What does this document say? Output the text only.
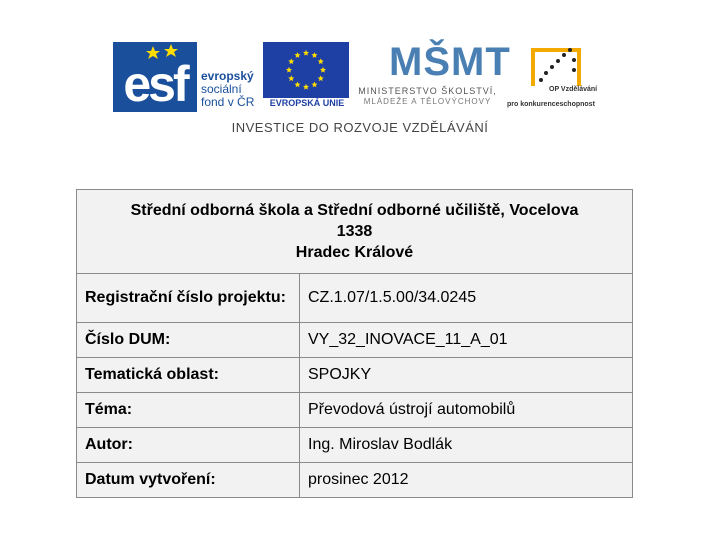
esf	evropský
sociální
fond v ČR	EVROPSKÁ UNIE
MŠMT
MINISTERSTVO ŠKOLSTVÍ,
MLÁDEŽE A TĚLOVÝCHOVY
OP Vzdělávání
pro konkurenceschopnost
INVESTICE DO ROZVOJE VZDĚLÁVÁNÍ
Střední odborná škola a Střední odborné učiliště, Vocelova
1338
Hradec Králové	

Registrační číslo projektu:	CZ.1.07/1.5.00/34.0245
Číslo DUM:	VY_32_INOVACE_11_A_01
Tematická oblast:	SPOJKY
Téma:	Převodová ústrojí automobilů
Autor:	Ing. Miroslav Bodlák
Datum vytvoření:	prosinec 2012
